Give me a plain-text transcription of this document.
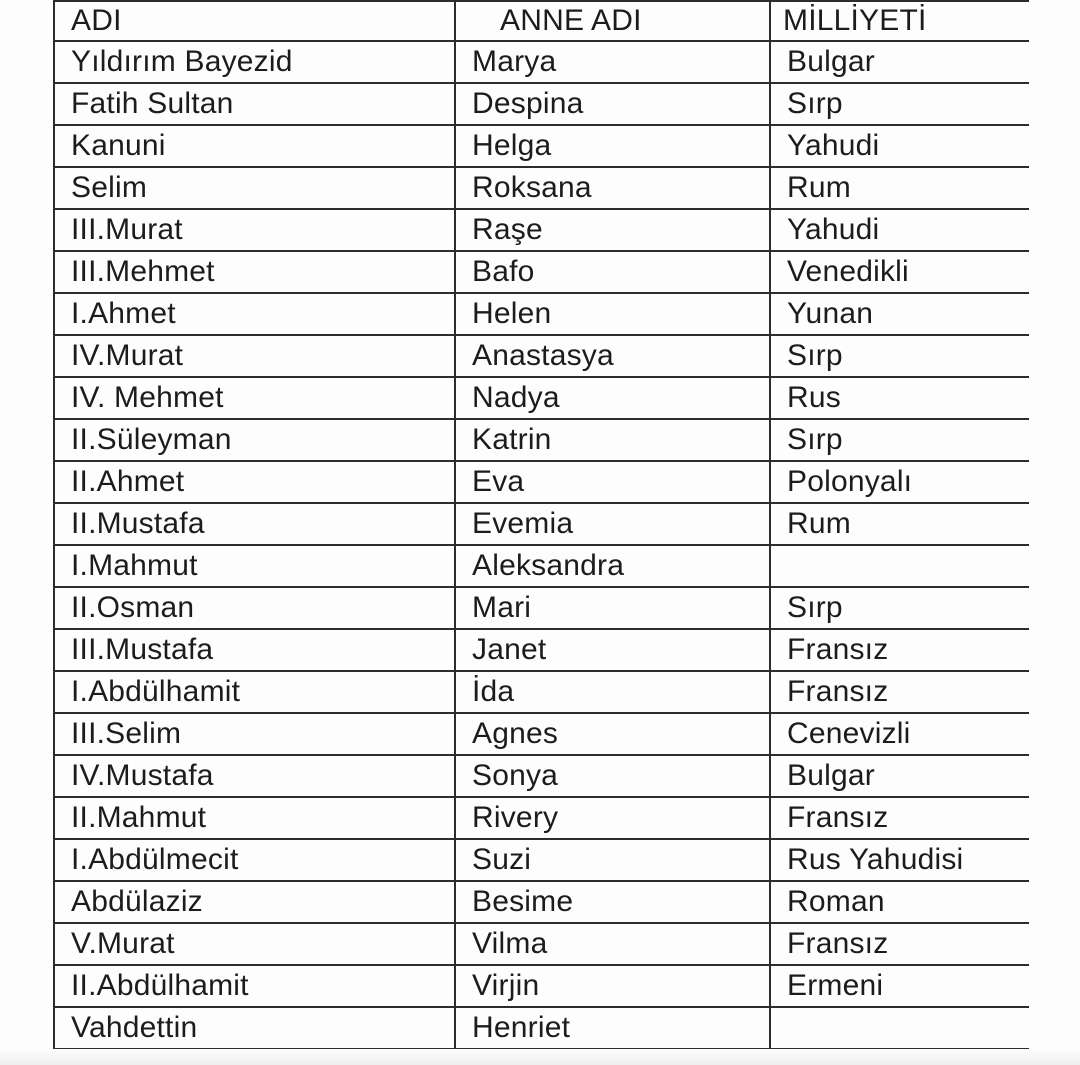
ADI	ANNE ADI	MİLLİYETİ
Yıldırım Bayezid	Marya	Bulgar
Fatih Sultan	Despina	Sırp
Kanuni	Helga	Yahudi
Selim	Roksana	Rum
III.Murat	Raşe	Yahudi
III.Mehmet	Bafo	Venedikli
I.Ahmet	Helen	Yunan
IV.Murat	Anastasya	Sırp
IV. Mehmet	Nadya	Rus
II.Süleyman	Katrin	Sırp
II.Ahmet	Eva	Polonyalı
II.Mustafa	Evemia	Rum
I.Mahmut	Aleksandra	
II.Osman	Mari	Sırp
III.Mustafa	Janet	Fransız
I.Abdülhamit	İda	Fransız
III.Selim	Agnes	Cenevizli
IV.Mustafa	Sonya	Bulgar
II.Mahmut	Rivery	Fransız
I.Abdülmecit	Suzi	Rus Yahudisi
Abdülaziz	Besime	Roman
V.Murat	Vilma	Fransız
II.Abdülhamit	Virjin	Ermeni
Vahdettin	Henriet	
